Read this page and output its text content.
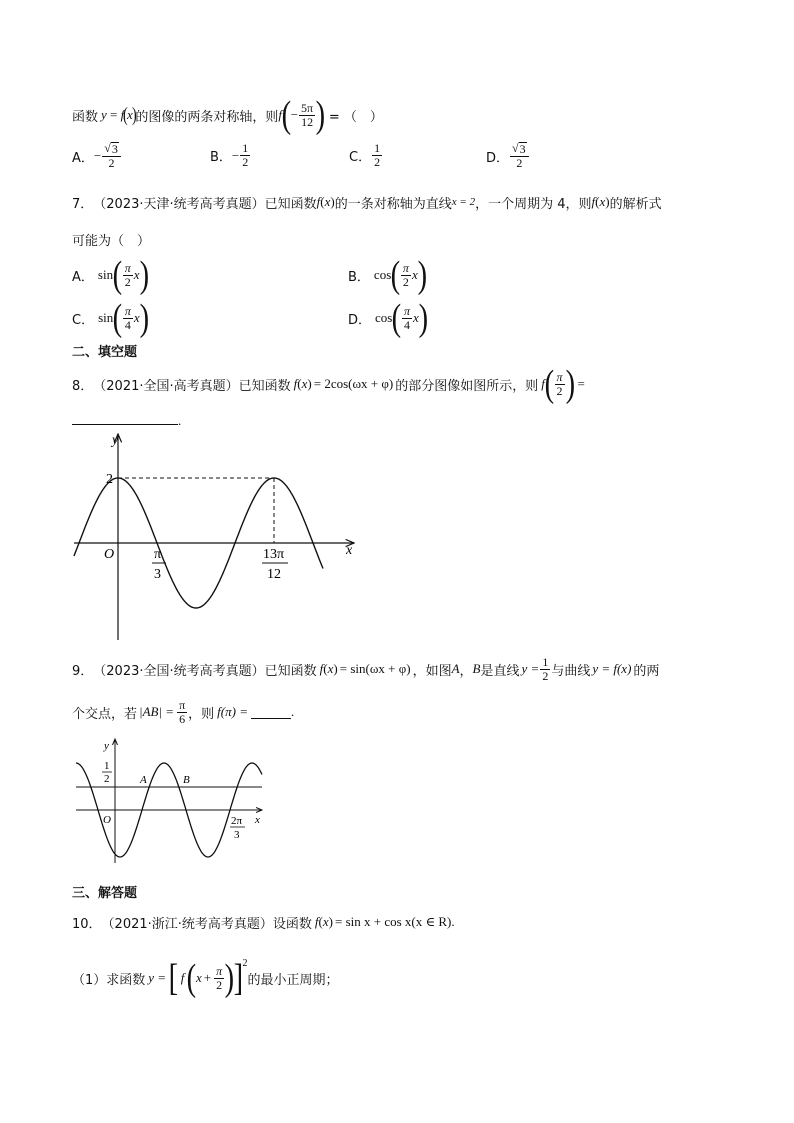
函数 y = f ( x ) 的图像的两条对称轴，则 f ( − $\frac{5\pi}{12}$ ) = （　）
A． − $\frac{√ 3}{2}$	B． − $\frac{1}{2}$	C． $\frac{1}{2}$	D． $\frac{√ 3}{2}$
7． （2023·天津·统考高考真题） 已知函数 f (x) 的一条对称轴为直线 x = 2 ，一个周期为 4，则 f (x) 的解析式
可能为（　）
A． sin ( $\frac{\pi}{2}$ x )	B． cos ( $\frac{\pi}{2}$ x )
C． sin ( $\frac{\pi}{4}$ x )	D． cos ( $\frac{\pi}{4}$ x )
二、填空题
8． （2021·全国·高考真题） 已知函数 f (x) = 2cos(ωx + φ) 的部分图像如图所示，则 f ( $\frac{\pi}{2}$ ) =
.
y
x
O
2
π
3
13π
12
9． （2023·全国·统考高考真题） 已知函数 f (x) = sin(ωx + φ) ，如图 A ， B 是直线 $y = \frac{1}{2}$ 与曲线 y = f(x) 的两
个交点，若 $|AB| = \frac{\pi}{6}$ ，则 f(π) =	.
y
x
O
1
2	A	B
2π
3
三、解答题
10． （2021·浙江·统考高考真题） 设函数 f (x) = sin x + cos x(x ∈ R).
（1）求函数 y = [ f ( $x + \frac{\pi}{2}$ ) ] 2
的最小正周期；
